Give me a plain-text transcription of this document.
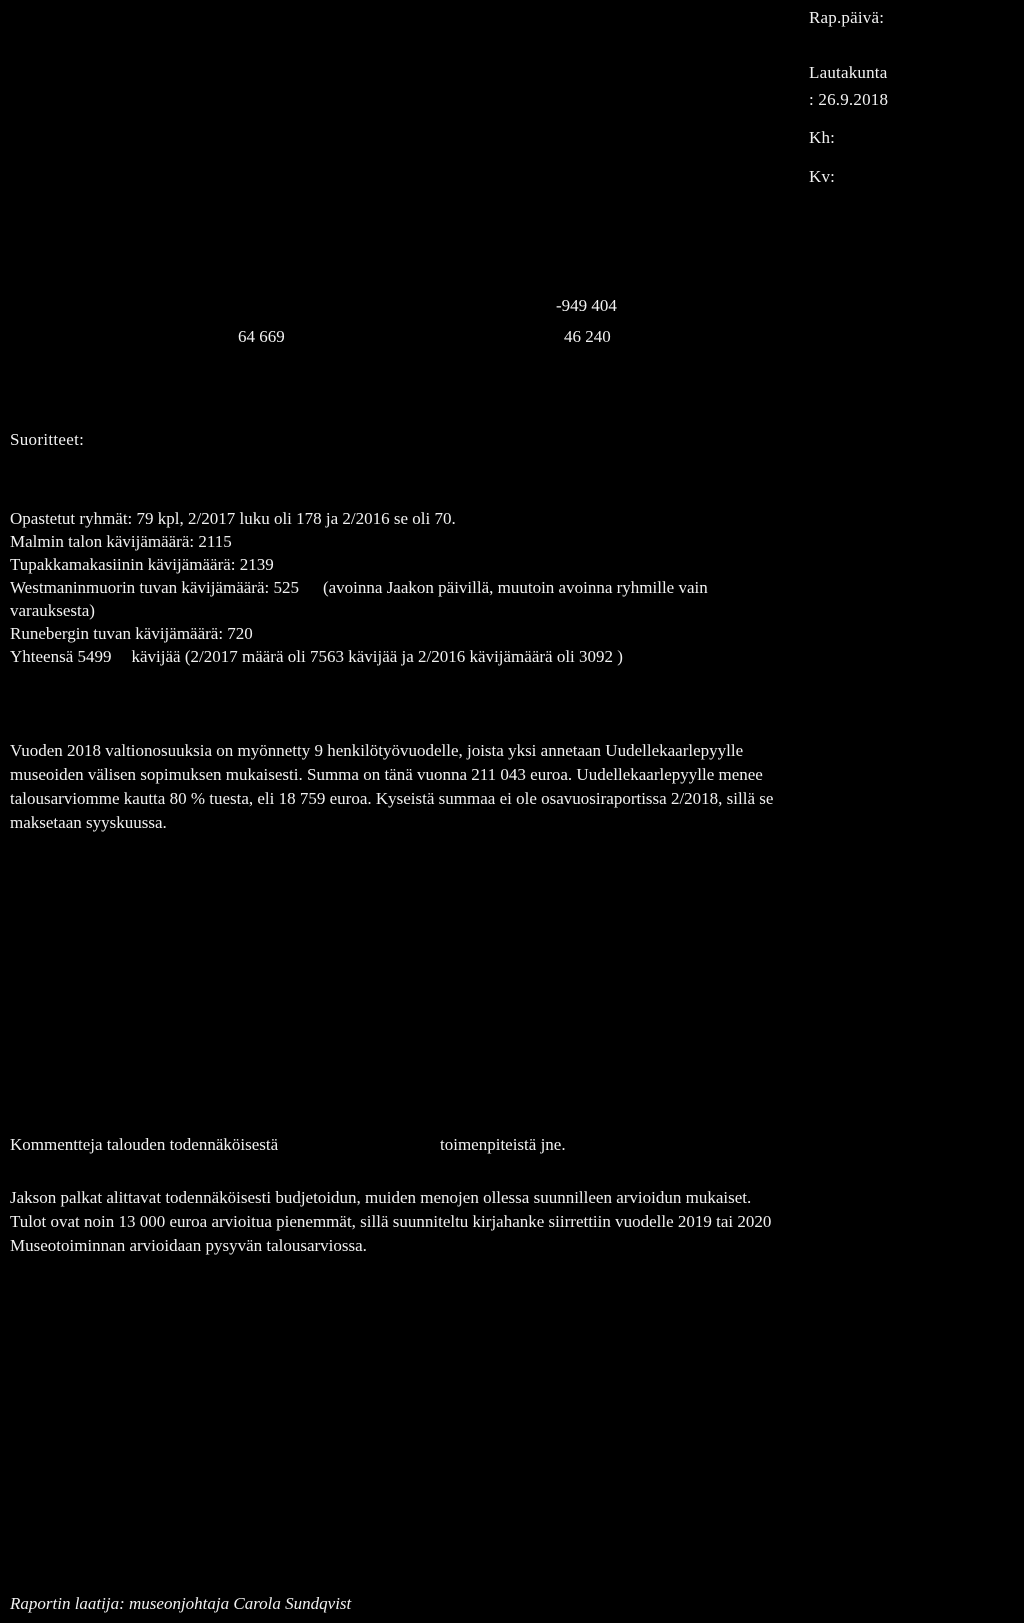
Rap.päivä:
Lautakunta
: 26.9.2018
Kh:
Kv:
-949 404
64 669	46 240
Suoritteet:
Opastetut ryhmät: 79 kpl, 2/2017 luku oli 178 ja 2/2016 se oli 70.
Malmin talon kävijämäärä: 2115
Tupakkamakasiinin kävijämäärä: 2139
Westmaninmuorin tuvan kävijämäärä: 525 (avoinna Jaakon päivillä, muutoin avoinna ryhmille vain
varauksesta)
Runebergin tuvan kävijämäärä: 720
Yhteensä 5499 kävijää (2/2017 määrä oli 7563 kävijää ja 2/2016 kävijämäärä oli 3092 )
Vuoden 2018 valtionosuuksia on myönnetty 9 henkilötyövuodelle, joista yksi annetaan Uudellekaarlepyylle
museoiden välisen sopimuksen mukaisesti. Summa on tänä vuonna 211 043 euroa. Uudellekaarlepyylle menee
talousarviomme kautta 80 % tuesta, eli 18 759 euroa. Kyseistä summaa ei ole osavuosiraportissa 2/2018, sillä se
maksetaan syyskuussa.
Kommentteja talouden todennäköisestä	toimenpiteistä jne.
Jakson palkat alittavat todennäköisesti budjetoidun, muiden menojen ollessa suunnilleen arvioidun mukaiset.
Tulot ovat noin 13 000 euroa arvioitua pienemmät, sillä suunniteltu kirjahanke siirrettiin vuodelle 2019 tai 2020
Museotoiminnan arvioidaan pysyvän talousarviossa.
Raportin laatija: museonjohtaja Carola Sundqvist
